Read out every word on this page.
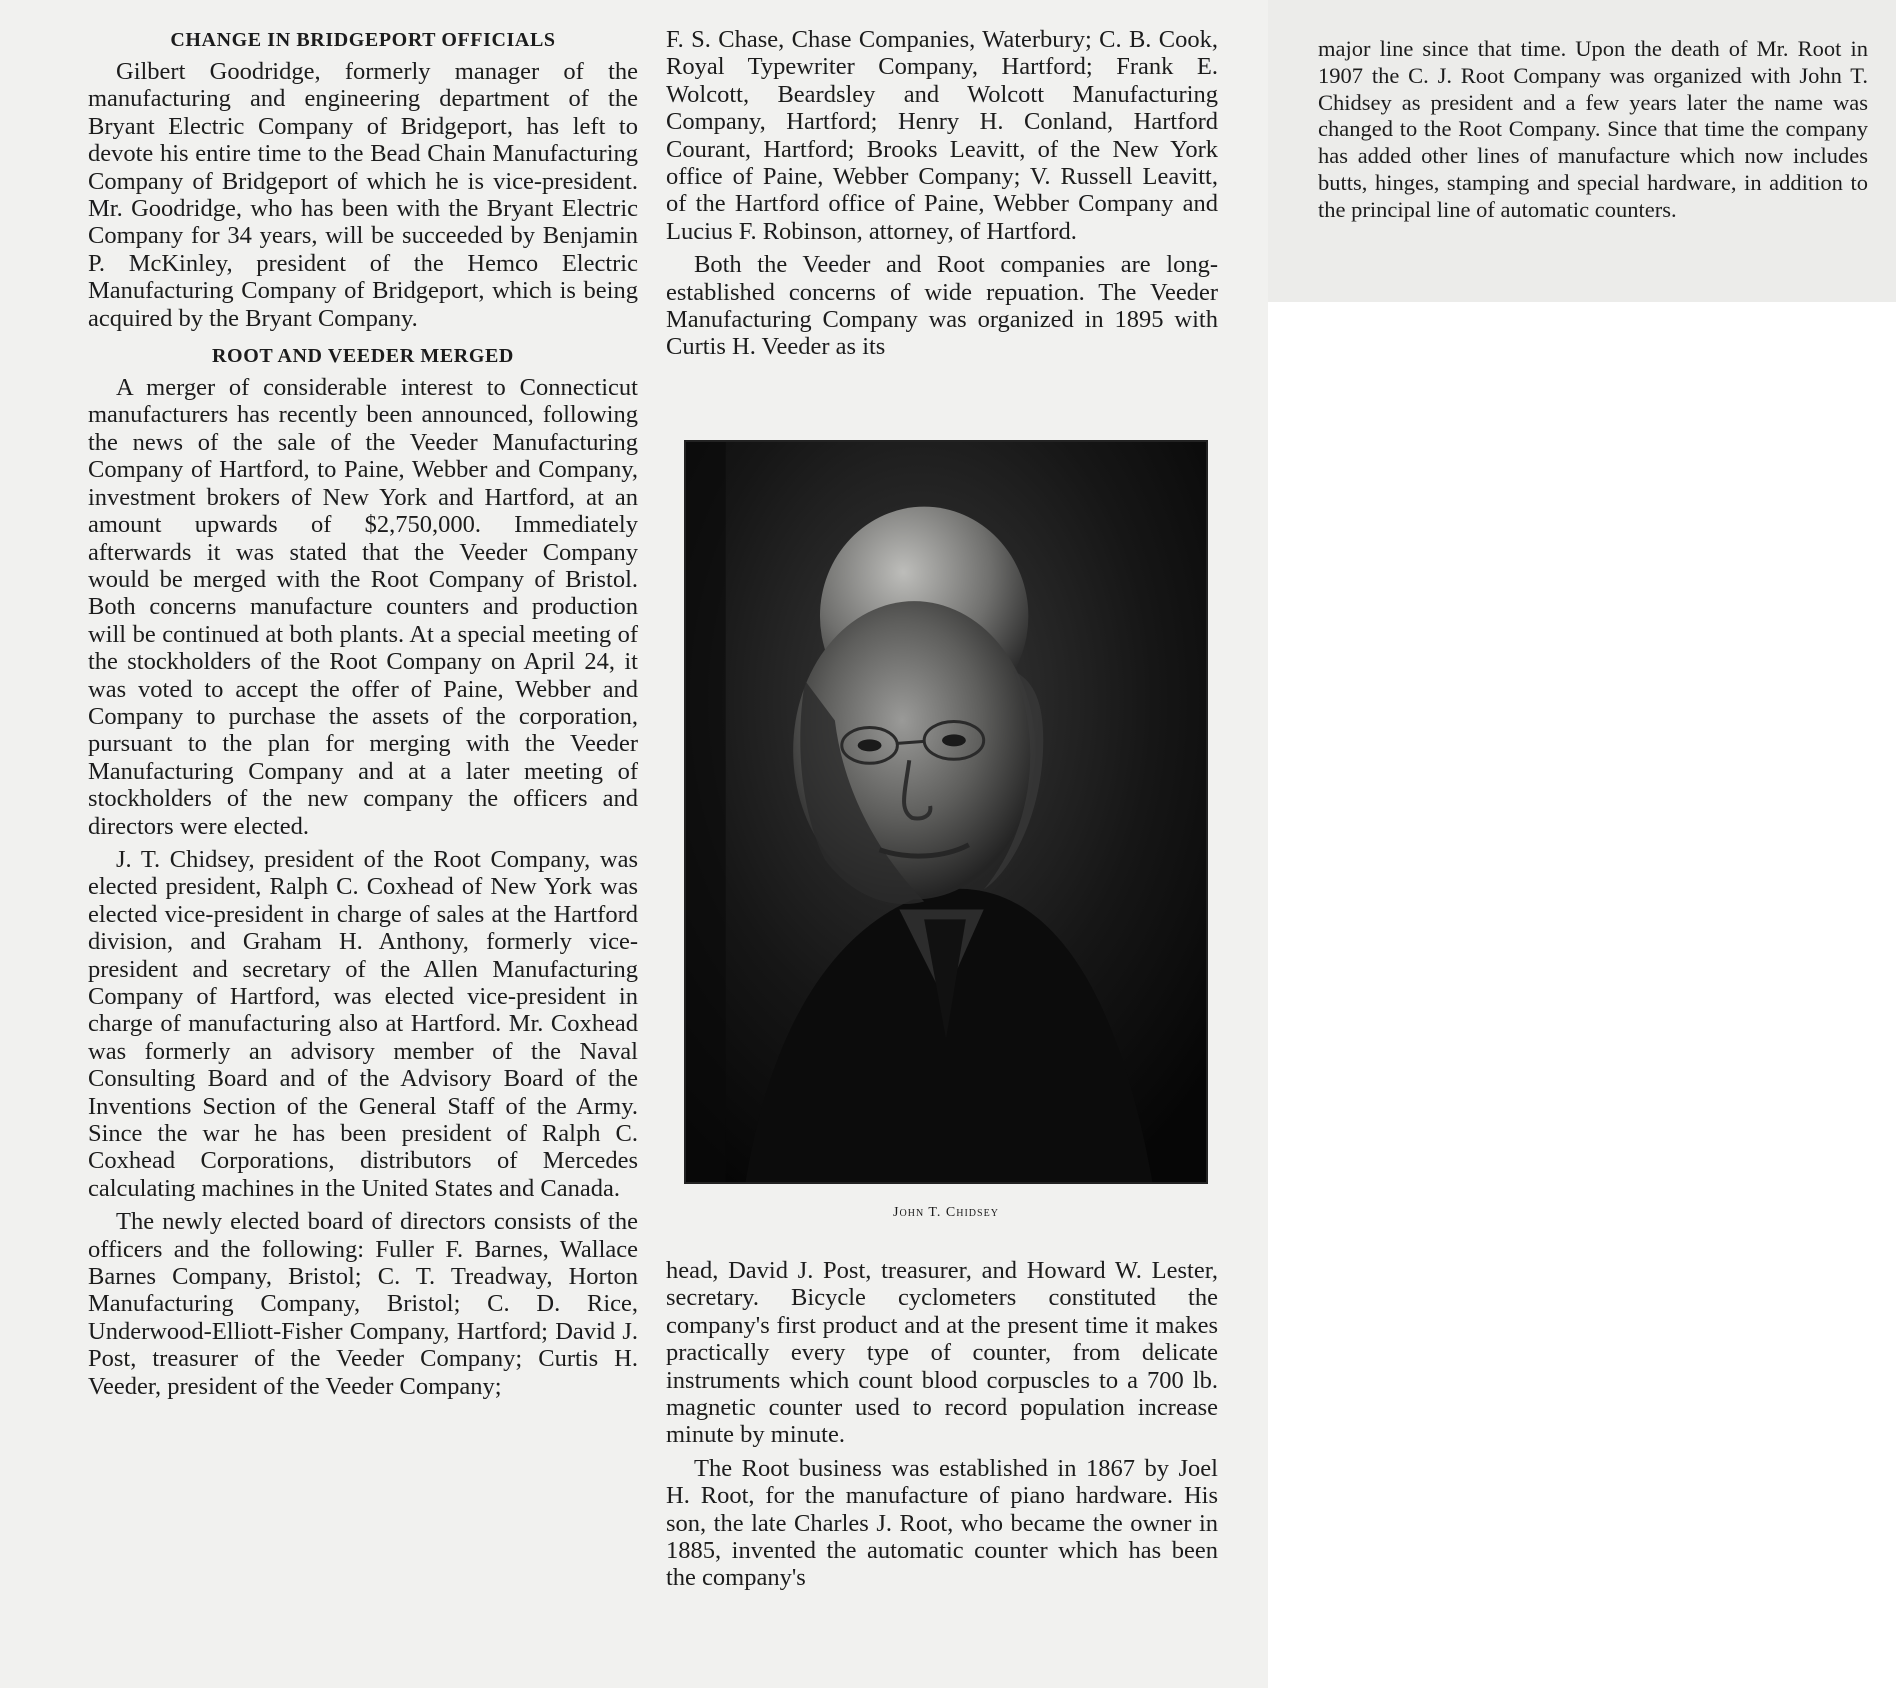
CHANGE IN BRIDGEPORT OFFICIALS

Gilbert Goodridge, formerly manager of the manufacturing and engineering department of the Bryant Electric Company of Bridgeport, has left to devote his entire time to the Bead Chain Manufacturing Company of Bridgeport of which he is vice-president. Mr. Goodridge, who has been with the Bryant Electric Company for 34 years, will be succeeded by Benjamin P. McKinley, president of the Hemco Electric Manufacturing Company of Bridgeport, which is being acquired by the Bryant Company.

ROOT AND VEEDER MERGED

A merger of considerable interest to Connecticut manufacturers has recently been announced, following the news of the sale of the Veeder Manufacturing Company of Hartford, to Paine, Webber and Company, investment brokers of New York and Hartford, at an amount upwards of $2,750,000. Immediately afterwards it was stated that the Veeder Company would be merged with the Root Company of Bristol. Both concerns manufacture counters and production will be continued at both plants. At a special meeting of the stockholders of the Root Company on April 24, it was voted to accept the offer of Paine, Webber and Company to purchase the assets of the corporation, pursuant to the plan for merging with the Veeder Manufacturing Company and at a later meeting of stockholders of the new company the officers and directors were elected.

J. T. Chidsey, president of the Root Company, was elected president, Ralph C. Coxhead of New York was elected vice-president in charge of sales at the Hartford division, and Graham H. Anthony, formerly vice-president and secretary of the Allen Manufacturing Company of Hartford, was elected vice-president in charge of manufacturing also at Hartford. Mr. Coxhead was formerly an advisory member of the Naval Consulting Board and of the Advisory Board of the Inventions Section of the General Staff of the Army. Since the war he has been president of Ralph C. Coxhead Corporations, distributors of Mercedes calculating machines in the United States and Canada.

The newly elected board of directors consists of the officers and the following: Fuller F. Barnes, Wallace Barnes Company, Bristol; C. T. Treadway, Horton Manufacturing Company, Bristol; C. D. Rice, Underwood-Elliott-Fisher Company, Hartford; David J. Post, treasurer of the Veeder Company; Curtis H. Veeder, president of the Veeder Company;

F. S. Chase, Chase Companies, Waterbury; C. B. Cook, Royal Typewriter Company, Hartford; Frank E. Wolcott, Beardsley and Wolcott Manufacturing Company, Hartford; Henry H. Conland, Hartford Courant, Hartford; Brooks Leavitt, of the New York office of Paine, Webber Company; V. Russell Leavitt, of the Hartford office of Paine, Webber Company and Lucius F. Robinson, attorney, of Hartford.

Both the Veeder and Root companies are long-established concerns of wide repuation. The Veeder Manufacturing Company was organized in 1895 with Curtis H. Veeder as its

John T. Chidsey

head, David J. Post, treasurer, and Howard W. Lester, secretary. Bicycle cyclometers constituted the company's first product and at the present time it makes practically every type of counter, from delicate instruments which count blood corpuscles to a 700 lb. magnetic counter used to record population increase minute by minute.

The Root business was established in 1867 by Joel H. Root, for the manufacture of piano hardware. His son, the late Charles J. Root, who became the owner in 1885, invented the automatic counter which has been the company's

major line since that time. Upon the death of Mr. Root in 1907 the C. J. Root Company was organized with John T. Chidsey as president and a few years later the name was changed to the Root Company. Since that time the company has added other lines of manufacture which now includes butts, hinges, stamping and special hardware, in addition to the principal line of automatic counters.
